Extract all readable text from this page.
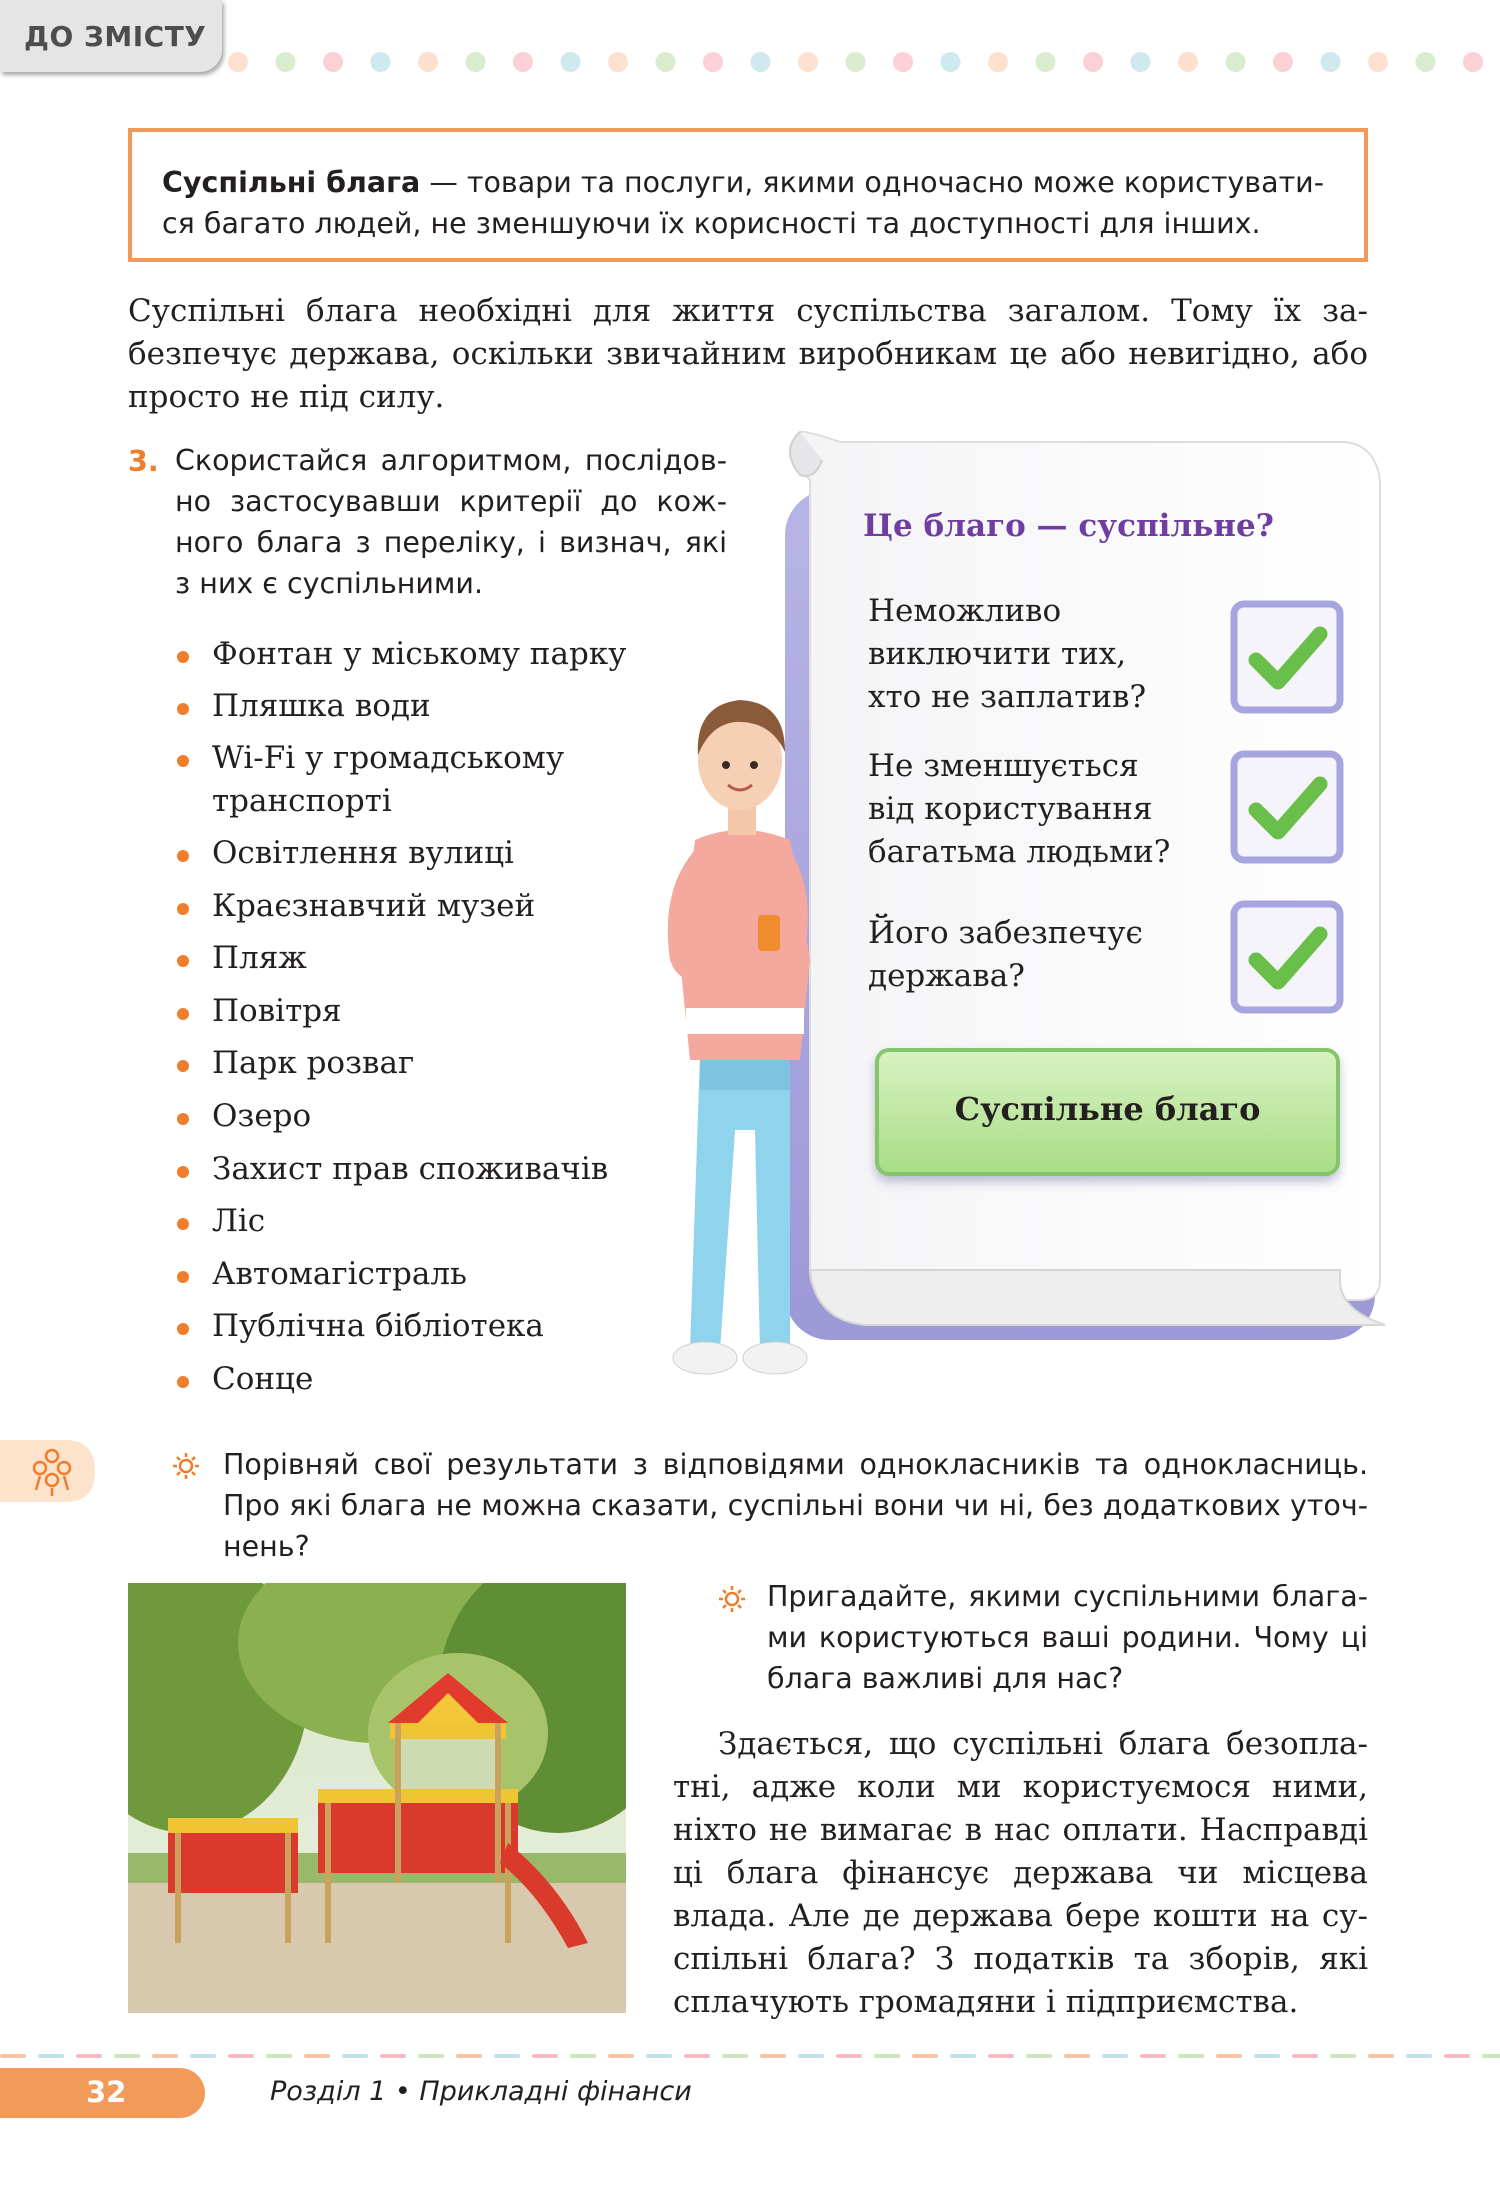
ДО ЗМІСТУ
Суспільні блага — товари та послуги, якими одночасно може користувати-
ся багато людей, не зменшуючи їх корисності та доступності для інших.
Суспільні блага необхідні для життя суспільства загалом. Тому їх за-
безпечує держава, оскільки звичайним виробникам це або невигідно, або
просто не під силу.
3. Скористайся алгоритмом, послідов-
но застосувавши критерії до кож-
ного блага з переліку, і визнач, які
з них є суспільними.
Фонтан у міському парку
Пляшка води
Wi-Fi у громадському
транспорті
Освітлення вулиці
Краєзнавчий музей
Пляж
Повітря
Парк розваг
Озеро
Захист прав споживачів
Ліс
Автомагістраль
Публічна бібліотека
Сонце
Це благо — суспільне?
Неможливо
виключити тих,
хто не заплатив?
Не зменшується
від користування
багатьма людьми?
Його забезпечує
держава?
Суспільне благо
Порівняй свої результати з відповідями однокласників та однокласниць.
Про які блага не можна сказати, суспільні вони чи ні, без додаткових уточ-
нень?
Пригадайте, якими суспільними блага-
ми користуються ваші родини. Чому ці
блага важливі для нас?
Здається, що суспільні блага безопла-
тні, адже коли ми користуємося ними,
ніхто не вимагає в нас оплати. Насправді
ці блага фінансує держава чи місцева
влада. Але де держава бере кошти на су-
спільні блага? З податків та зборів, які
сплачують громадяни і підприємства.
32	Розділ 1 • Прикладні фінанси
